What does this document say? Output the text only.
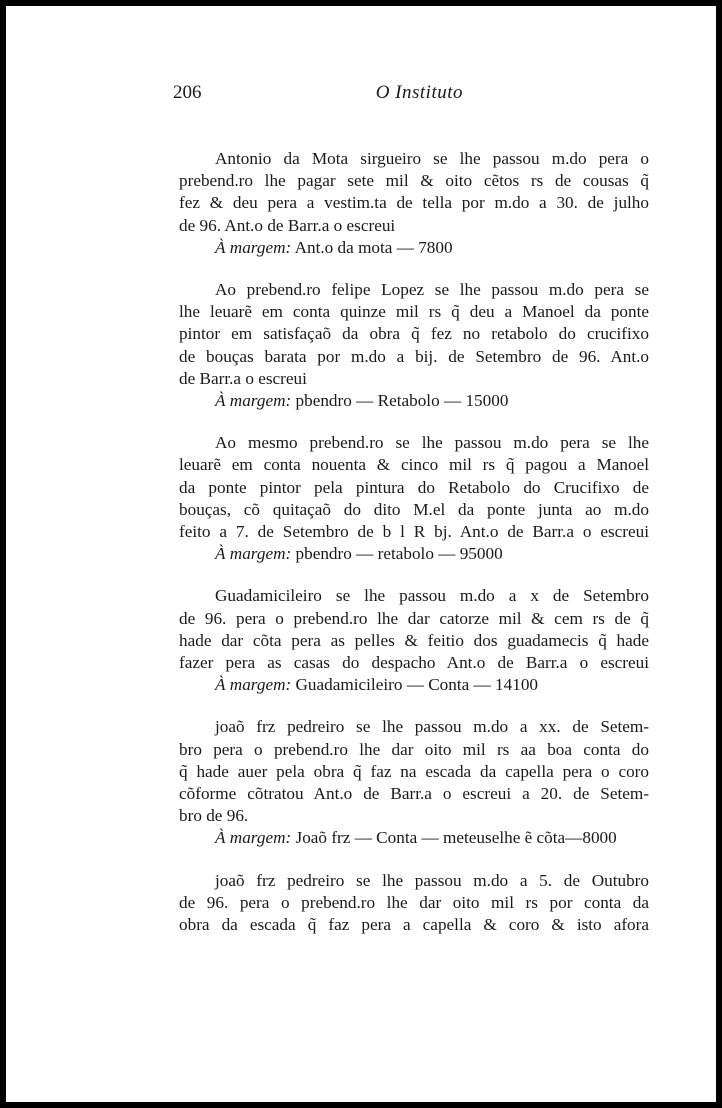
206	O Instituto
Antonio da Mota sirgueiro se lhe passou m.do pera o
prebend.ro lhe pagar sete mil & oito cẽtos rs de cousas q̃
fez & deu pera a vestim.ta de tella por m.do a 30. de julho
de 96. Ant.o de Barr.a o escreui
À margem: Ant.o da mota — 7800
Ao prebend.ro felipe Lopez se lhe passou m.do pera se
lhe leuarẽ em conta quinze mil rs q̃ deu a Manoel da ponte
pintor em satisfaçaõ da obra q̃ fez no retabolo do crucifixo
de bouças barata por m.do a bij. de Setembro de 96. Ant.o
de Barr.a o escreui
À margem: pbendro — Retabolo — 15000
Ao mesmo prebend.ro se lhe passou m.do pera se lhe
leuarẽ em conta nouenta & cinco mil rs q̃ pagou a Manoel
da ponte pintor pela pintura do Retabolo do Crucifixo de
bouças, cõ quitaçaõ do dito M.el da ponte junta ao m.do
feito a 7. de Setembro de b l R bj. Ant.o de Barr.a o escreui
À margem: pbendro — retabolo — 95000
Guadamicileiro se lhe passou m.do a x de Setembro
de 96. pera o prebend.ro lhe dar catorze mil & cem rs de q̃
hade dar cõta pera as pelles & feitio dos guadamecis q̃ hade
fazer pera as casas do despacho Ant.o de Barr.a o escreui
À margem: Guadamicileiro — Conta — 14100
joaõ frz pedreiro se lhe passou m.do a xx. de Setem-
bro pera o prebend.ro lhe dar oito mil rs aa boa conta do
q̃ hade auer pela obra q̃ faz na escada da capella pera o coro
cõforme cõtratou Ant.o de Barr.a o escreui a 20. de Setem-
bro de 96.
À margem: Joaõ frz — Conta — meteuselhe ẽ cõta—8000
joaõ frz pedreiro se lhe passou m.do a 5. de Outubro
de 96. pera o prebend.ro lhe dar oito mil rs por conta da
obra da escada q̃ faz pera a capella & coro & isto afora
